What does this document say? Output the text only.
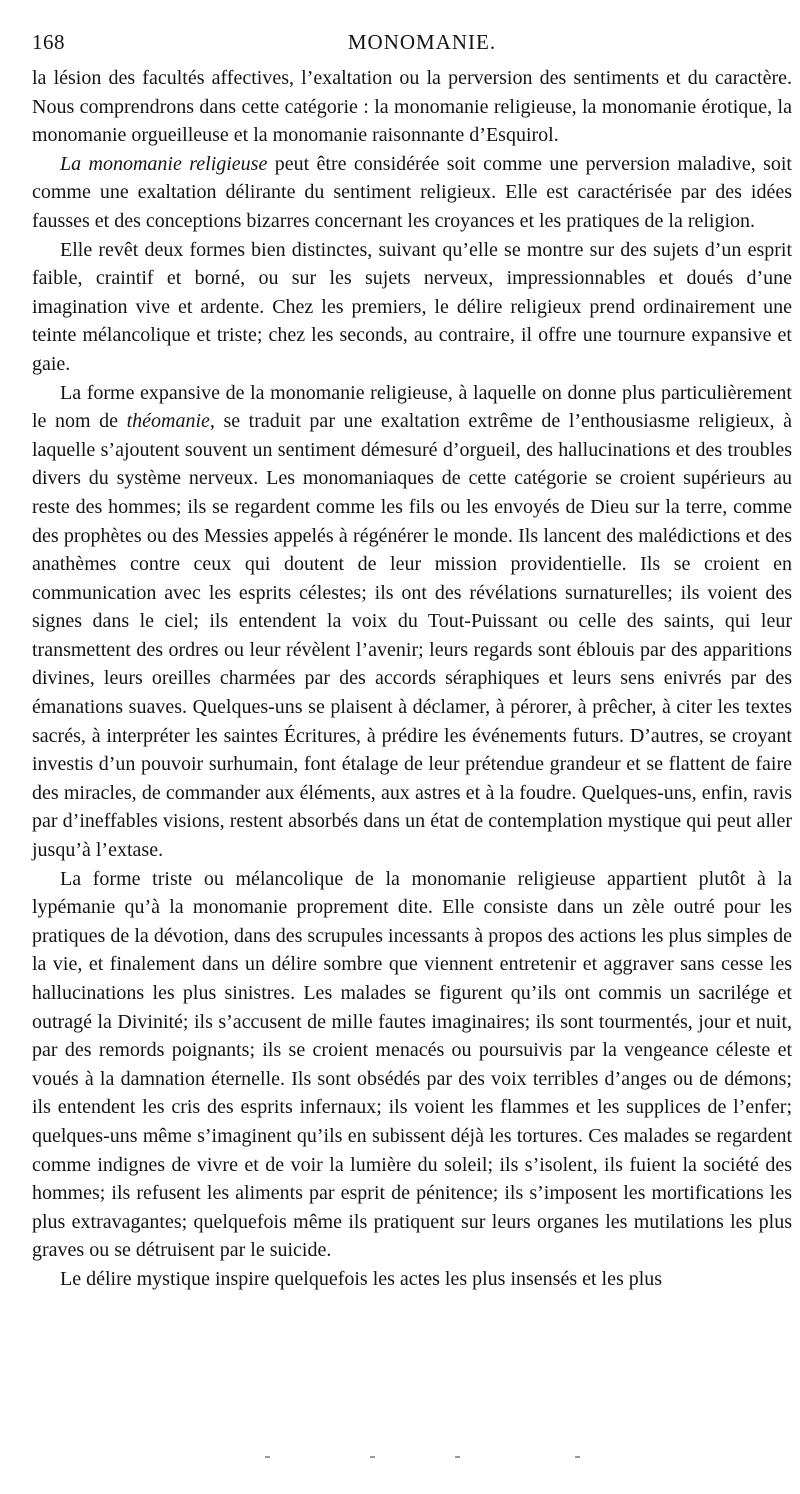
168	MONOMANIE.

la lésion des facultés affectives, l’exaltation ou la perversion des sentiments et du caractère. Nous comprendrons dans cette catégorie : la monomanie religieuse, la monomanie érotique, la monomanie orgueilleuse et la monomanie raisonnante d’Esquirol.

La monomanie religieuse peut être considérée soit comme une perversion maladive, soit comme une exaltation délirante du sentiment religieux. Elle est caractérisée par des idées fausses et des conceptions bizarres concernant les croyances et les pratiques de la religion.

Elle revêt deux formes bien distinctes, suivant qu’elle se montre sur des sujets d’un esprit faible, craintif et borné, ou sur les sujets nerveux, impressionnables et doués d’une imagination vive et ardente. Chez les premiers, le délire religieux prend ordinairement une teinte mélancolique et triste; chez les seconds, au contraire, il offre une tournure expansive et gaie.

La forme expansive de la monomanie religieuse, à laquelle on donne plus particulièrement le nom de théomanie, se traduit par une exaltation extrême de l’enthousiasme religieux, à laquelle s’ajoutent souvent un sentiment démesuré d’orgueil, des hallucinations et des troubles divers du système nerveux. Les monomaniaques de cette catégorie se croient supérieurs au reste des hommes; ils se regardent comme les fils ou les envoyés de Dieu sur la terre, comme des prophètes ou des Messies appelés à régénérer le monde. Ils lancent des malédictions et des anathèmes contre ceux qui doutent de leur mission providentielle. Ils se croient en communication avec les esprits célestes; ils ont des révélations surnaturelles; ils voient des signes dans le ciel; ils entendent la voix du Tout-Puissant ou celle des saints, qui leur transmettent des ordres ou leur révèlent l’avenir; leurs regards sont éblouis par des apparitions divines, leurs oreilles charmées par des accords séraphiques et leurs sens enivrés par des émanations suaves. Quelques-uns se plaisent à déclamer, à pérorer, à prêcher, à citer les textes sacrés, à interpréter les saintes Écritures, à prédire les événements futurs. D’autres, se croyant investis d’un pouvoir surhumain, font étalage de leur prétendue grandeur et se flattent de faire des miracles, de commander aux éléments, aux astres et à la foudre. Quelques-uns, enfin, ravis par d’ineffables visions, restent absorbés dans un état de contemplation mystique qui peut aller jusqu’à l’extase.

La forme triste ou mélancolique de la monomanie religieuse appartient plutôt à la lypémanie qu’à la monomanie proprement dite. Elle consiste dans un zèle outré pour les pratiques de la dévotion, dans des scrupules incessants à propos des actions les plus simples de la vie, et finalement dans un délire sombre que viennent entretenir et aggraver sans cesse les hallucinations les plus sinistres. Les malades se figurent qu’ils ont commis un sacrilége et outragé la Divinité; ils s’accusent de mille fautes imaginaires; ils sont tourmentés, jour et nuit, par des remords poignants; ils se croient menacés ou poursuivis par la vengeance céleste et voués à la damnation éternelle. Ils sont obsédés par des voix terribles d’anges ou de démons; ils entendent les cris des esprits infernaux; ils voient les flammes et les supplices de l’enfer; quelques-uns même s’imaginent qu’ils en subissent déjà les tortures. Ces malades se regardent comme indignes de vivre et de voir la lumière du soleil; ils s’isolent, ils fuient la société des hommes; ils refusent les aliments par esprit de pénitence; ils s’imposent les mortifications les plus extravagantes; quelquefois même ils pratiquent sur leurs organes les mutilations les plus graves ou se détruisent par le suicide.

Le délire mystique inspire quelquefois les actes les plus insensés et les plus
